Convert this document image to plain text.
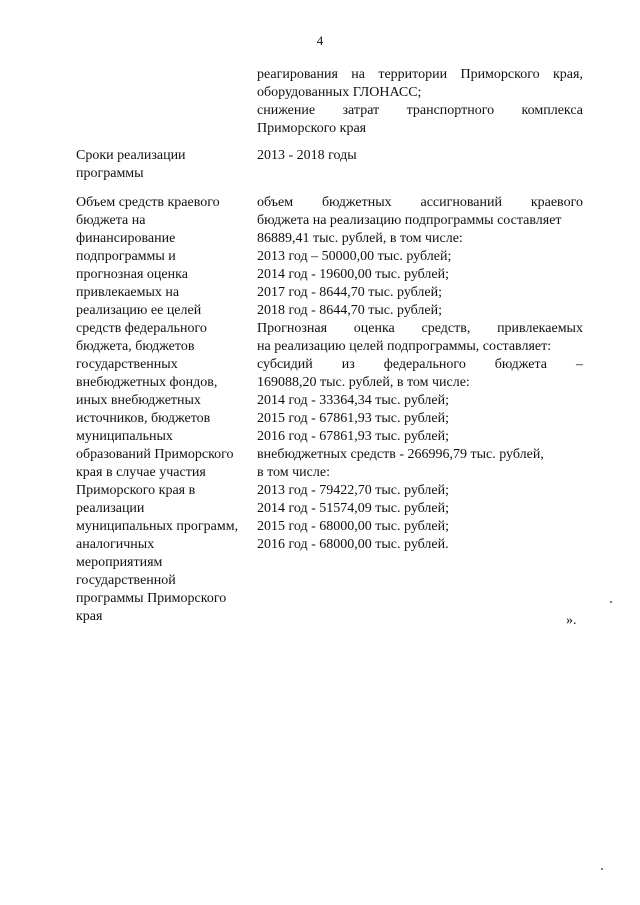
4
реагирования на территории Приморского края,
оборудованных ГЛОНАСС;
снижение затрат транспортного комплекса
Приморского края
Сроки реализации
программы
2013 - 2018 годы
Объем средств краевого
бюджета на
финансирование
подпрограммы и
прогнозная оценка
привлекаемых на
реализацию ее целей
средств федерального
бюджета, бюджетов
государственных
внебюджетных фондов,
иных внебюджетных
источников, бюджетов
муниципальных
образований Приморского
края в случае участия
Приморского края в
реализации
муниципальных программ,
аналогичных
мероприятиям
государственной
программы Приморского
края
объем бюджетных ассигнований краевого
бюджета на реализацию подпрограммы составляет
86889,41 тыс. рублей, в том числе:
2013 год – 50000,00 тыс. рублей;
2014 год - 19600,00 тыс. рублей;
2017 год - 8644,70 тыс. рублей;
2018 год - 8644,70 тыс. рублей;
Прогнозная оценка средств, привлекаемых
на реализацию целей подпрограммы, составляет:
субсидий из федерального бюджета –
169088,20 тыс. рублей, в том числе:
2014 год - 33364,34 тыс. рублей;
2015 год - 67861,93 тыс. рублей;
2016 год - 67861,93 тыс. рублей;
внебюджетных средств - 266996,79 тыс. рублей,
в том числе:
2013 год - 79422,70 тыс. рублей;
2014 год - 51574,09 тыс. рублей;
2015 год - 68000,00 тыс. рублей;
2016 год - 68000,00 тыс. рублей.
».
